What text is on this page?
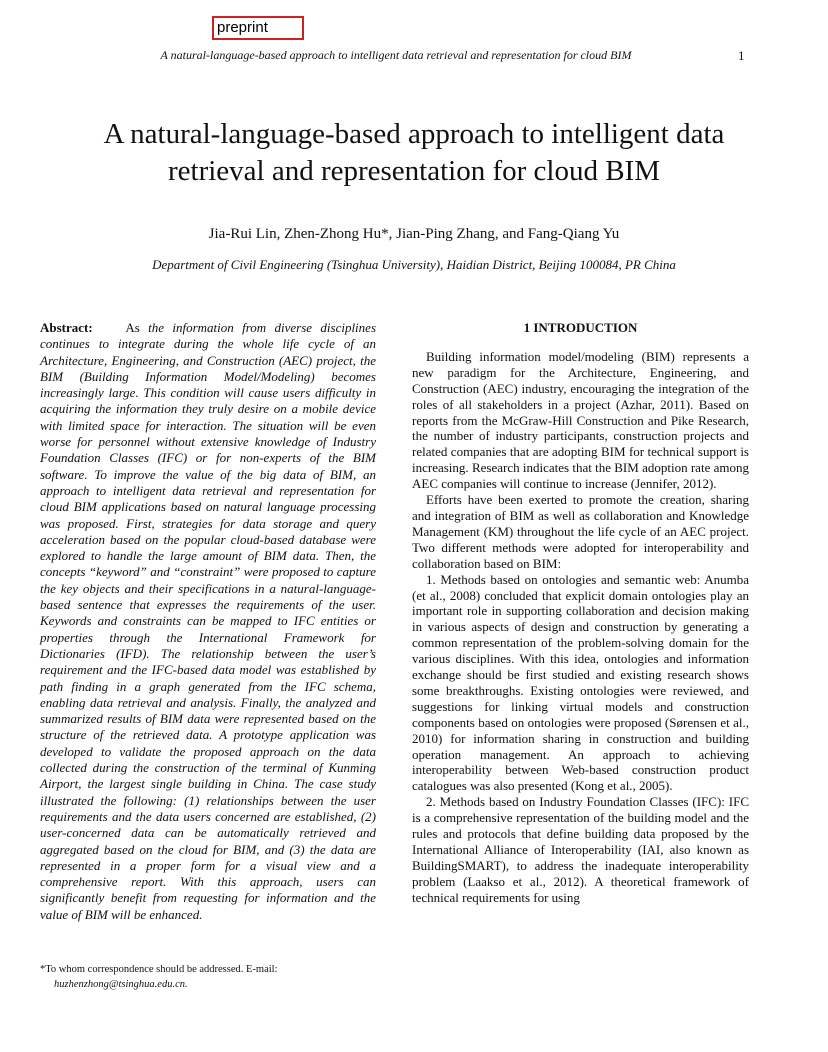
preprint
A natural-language-based approach to intelligent data retrieval and representation for cloud BIM	1
A natural-language-based approach to intelligent data retrieval and representation for cloud BIM
Jia-Rui Lin, Zhen-Zhong Hu*, Jian-Ping Zhang, and Fang-Qiang Yu
Department of Civil Engineering (Tsinghua University), Haidian District, Beijing 100084, PR China
Abstract:	As the information from diverse disciplines continues to integrate during the whole life cycle of an Architecture, Engineering, and Construction (AEC) project, the BIM (Building Information Model/Modeling) becomes increasingly large. This condition will cause users difficulty in acquiring the information they truly desire on a mobile device with limited space for interaction. The situation will be even worse for personnel without extensive knowledge of Industry Foundation Classes (IFC) or for non-experts of the BIM software. To improve the value of the big data of BIM, an approach to intelligent data retrieval and representation for cloud BIM applications based on natural language processing was proposed. First, strategies for data storage and query acceleration based on the popular cloud-based database were explored to handle the large amount of BIM data. Then, the concepts “keyword” and “constraint” were proposed to capture the key objects and their specifications in a natural-language-based sentence that expresses the requirements of the user. Keywords and constraints can be mapped to IFC entities or properties through the International Framework for Dictionaries (IFD). The relationship between the user’s requirement and the IFC-based data model was established by path finding in a graph generated from the IFC schema, enabling data retrieval and analysis. Finally, the analyzed and summarized results of BIM data were represented based on the structure of the retrieved data. A prototype application was developed to validate the proposed approach on the data collected during the construction of the terminal of Kunming Airport, the largest single building in China. The case study illustrated the following: (1) relationships between the user requirements and the data users concerned are established, (2) user-concerned data can be automatically retrieved and aggregated based on the cloud for BIM, and (3) the data are represented in a proper form for a visual view and a comprehensive report. With this approach, users can significantly benefit from requesting for information and the value of BIM will be enhanced.
*To whom correspondence should be addressed. E-mail:
huzhenzhong@tsinghua.edu.cn.
1 INTRODUCTION

Building information model/modeling (BIM) represents a new paradigm for the Architecture, Engineering, and Construction (AEC) industry, encouraging the integration of the roles of all stakeholders in a project (Azhar, 2011). Based on reports from the McGraw-Hill Construction and Pike Research, the number of industry participants, construction projects and related companies that are adopting BIM for technical support is increasing. Research indicates that the BIM adoption rate among AEC companies will continue to increase (Jennifer, 2012).

Efforts have been exerted to promote the creation, sharing and integration of BIM as well as collaboration and Knowledge Management (KM) throughout the life cycle of an AEC project. Two different methods were adopted for interoperability and collaboration based on BIM:

1. Methods based on ontologies and semantic web: Anumba (et al., 2008) concluded that explicit domain ontologies play an important role in supporting collaboration and decision making in various aspects of design and construction by generating a common representation of the problem-solving domain for the various disciplines. With this idea, ontologies and information exchange should be first studied and existing research shows some breakthroughs. Existing ontologies were reviewed, and suggestions for linking virtual models and construction components based on ontologies were proposed (Sørensen et al., 2010) for information sharing in construction and building operation management. An approach to achieving interoperability between Web-based construction product catalogues was also presented (Kong et al., 2005).

2. Methods based on Industry Foundation Classes (IFC): IFC is a comprehensive representation of the building model and the rules and protocols that define building data proposed by the International Alliance of Interoperability (IAI, also known as BuildingSMART), to address the inadequate interoperability problem (Laakso et al., 2012). A theoretical framework of technical requirements for using
